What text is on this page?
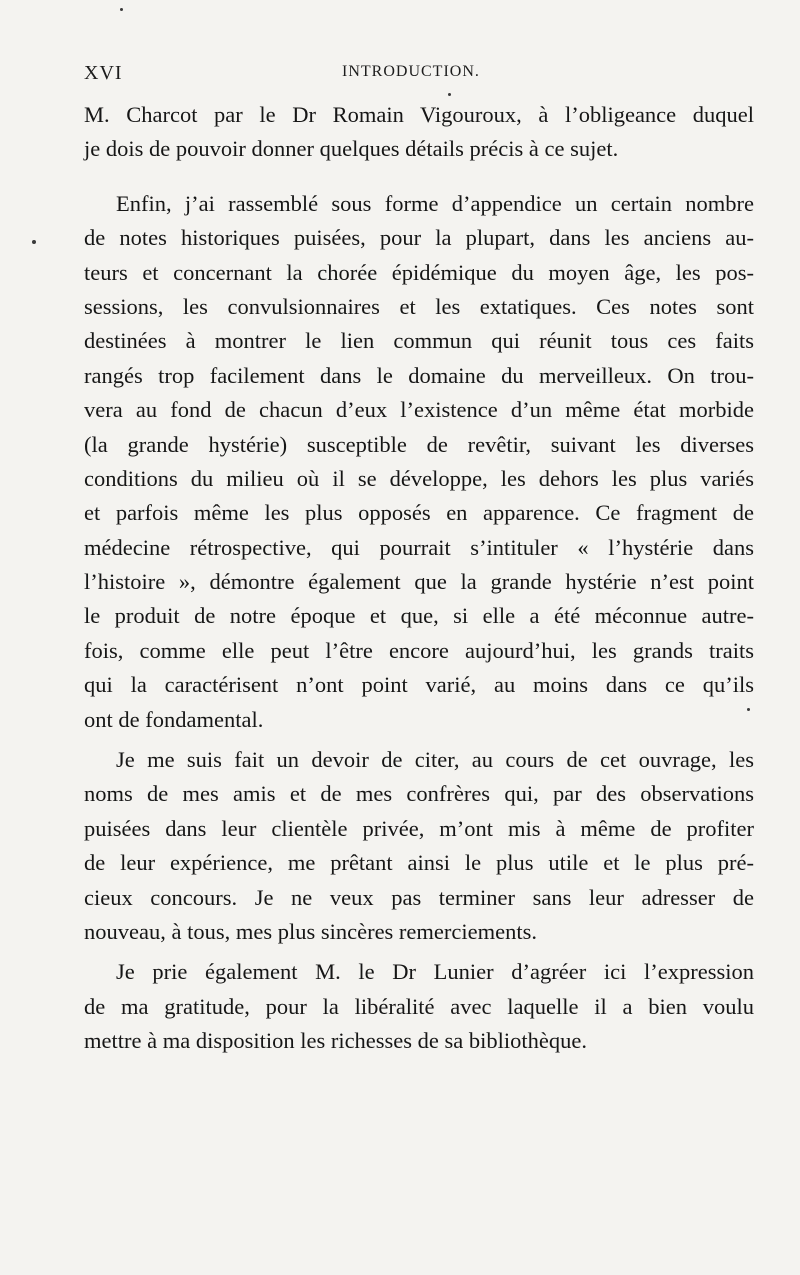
XVI	INTRODUCTION.
M. Charcot par le Dr Romain Vigouroux, à l’obligeance duquel
je dois de pouvoir donner quelques détails précis à ce sujet.
Enfin, j’ai rassemblé sous forme d’appendice un certain nombre
de notes historiques puisées, pour la plupart, dans les anciens au-
teurs et concernant la chorée épidémique du moyen âge, les pos-
sessions, les convulsionnaires et les extatiques. Ces notes sont
destinées à montrer le lien commun qui réunit tous ces faits
rangés trop facilement dans le domaine du merveilleux. On trou-
vera au fond de chacun d’eux l’existence d’un même état morbide
(la grande hystérie) susceptible de revêtir, suivant les diverses
conditions du milieu où il se développe, les dehors les plus variés
et parfois même les plus opposés en apparence. Ce fragment de
médecine rétrospective, qui pourrait s’intituler « l’hystérie dans
l’histoire », démontre également que la grande hystérie n’est point
le produit de notre époque et que, si elle a été méconnue autre-
fois, comme elle peut l’être encore aujourd’hui, les grands traits
qui la caractérisent n’ont point varié, au moins dans ce qu’ils
ont de fondamental.
Je me suis fait un devoir de citer, au cours de cet ouvrage, les
noms de mes amis et de mes confrères qui, par des observations
puisées dans leur clientèle privée, m’ont mis à même de profiter
de leur expérience, me prêtant ainsi le plus utile et le plus pré-
cieux concours. Je ne veux pas terminer sans leur adresser de
nouveau, à tous, mes plus sincères remerciements.
Je prie également M. le Dr Lunier d’agréer ici l’expression
de ma gratitude, pour la libéralité avec laquelle il a bien voulu
mettre à ma disposition les richesses de sa bibliothèque.
